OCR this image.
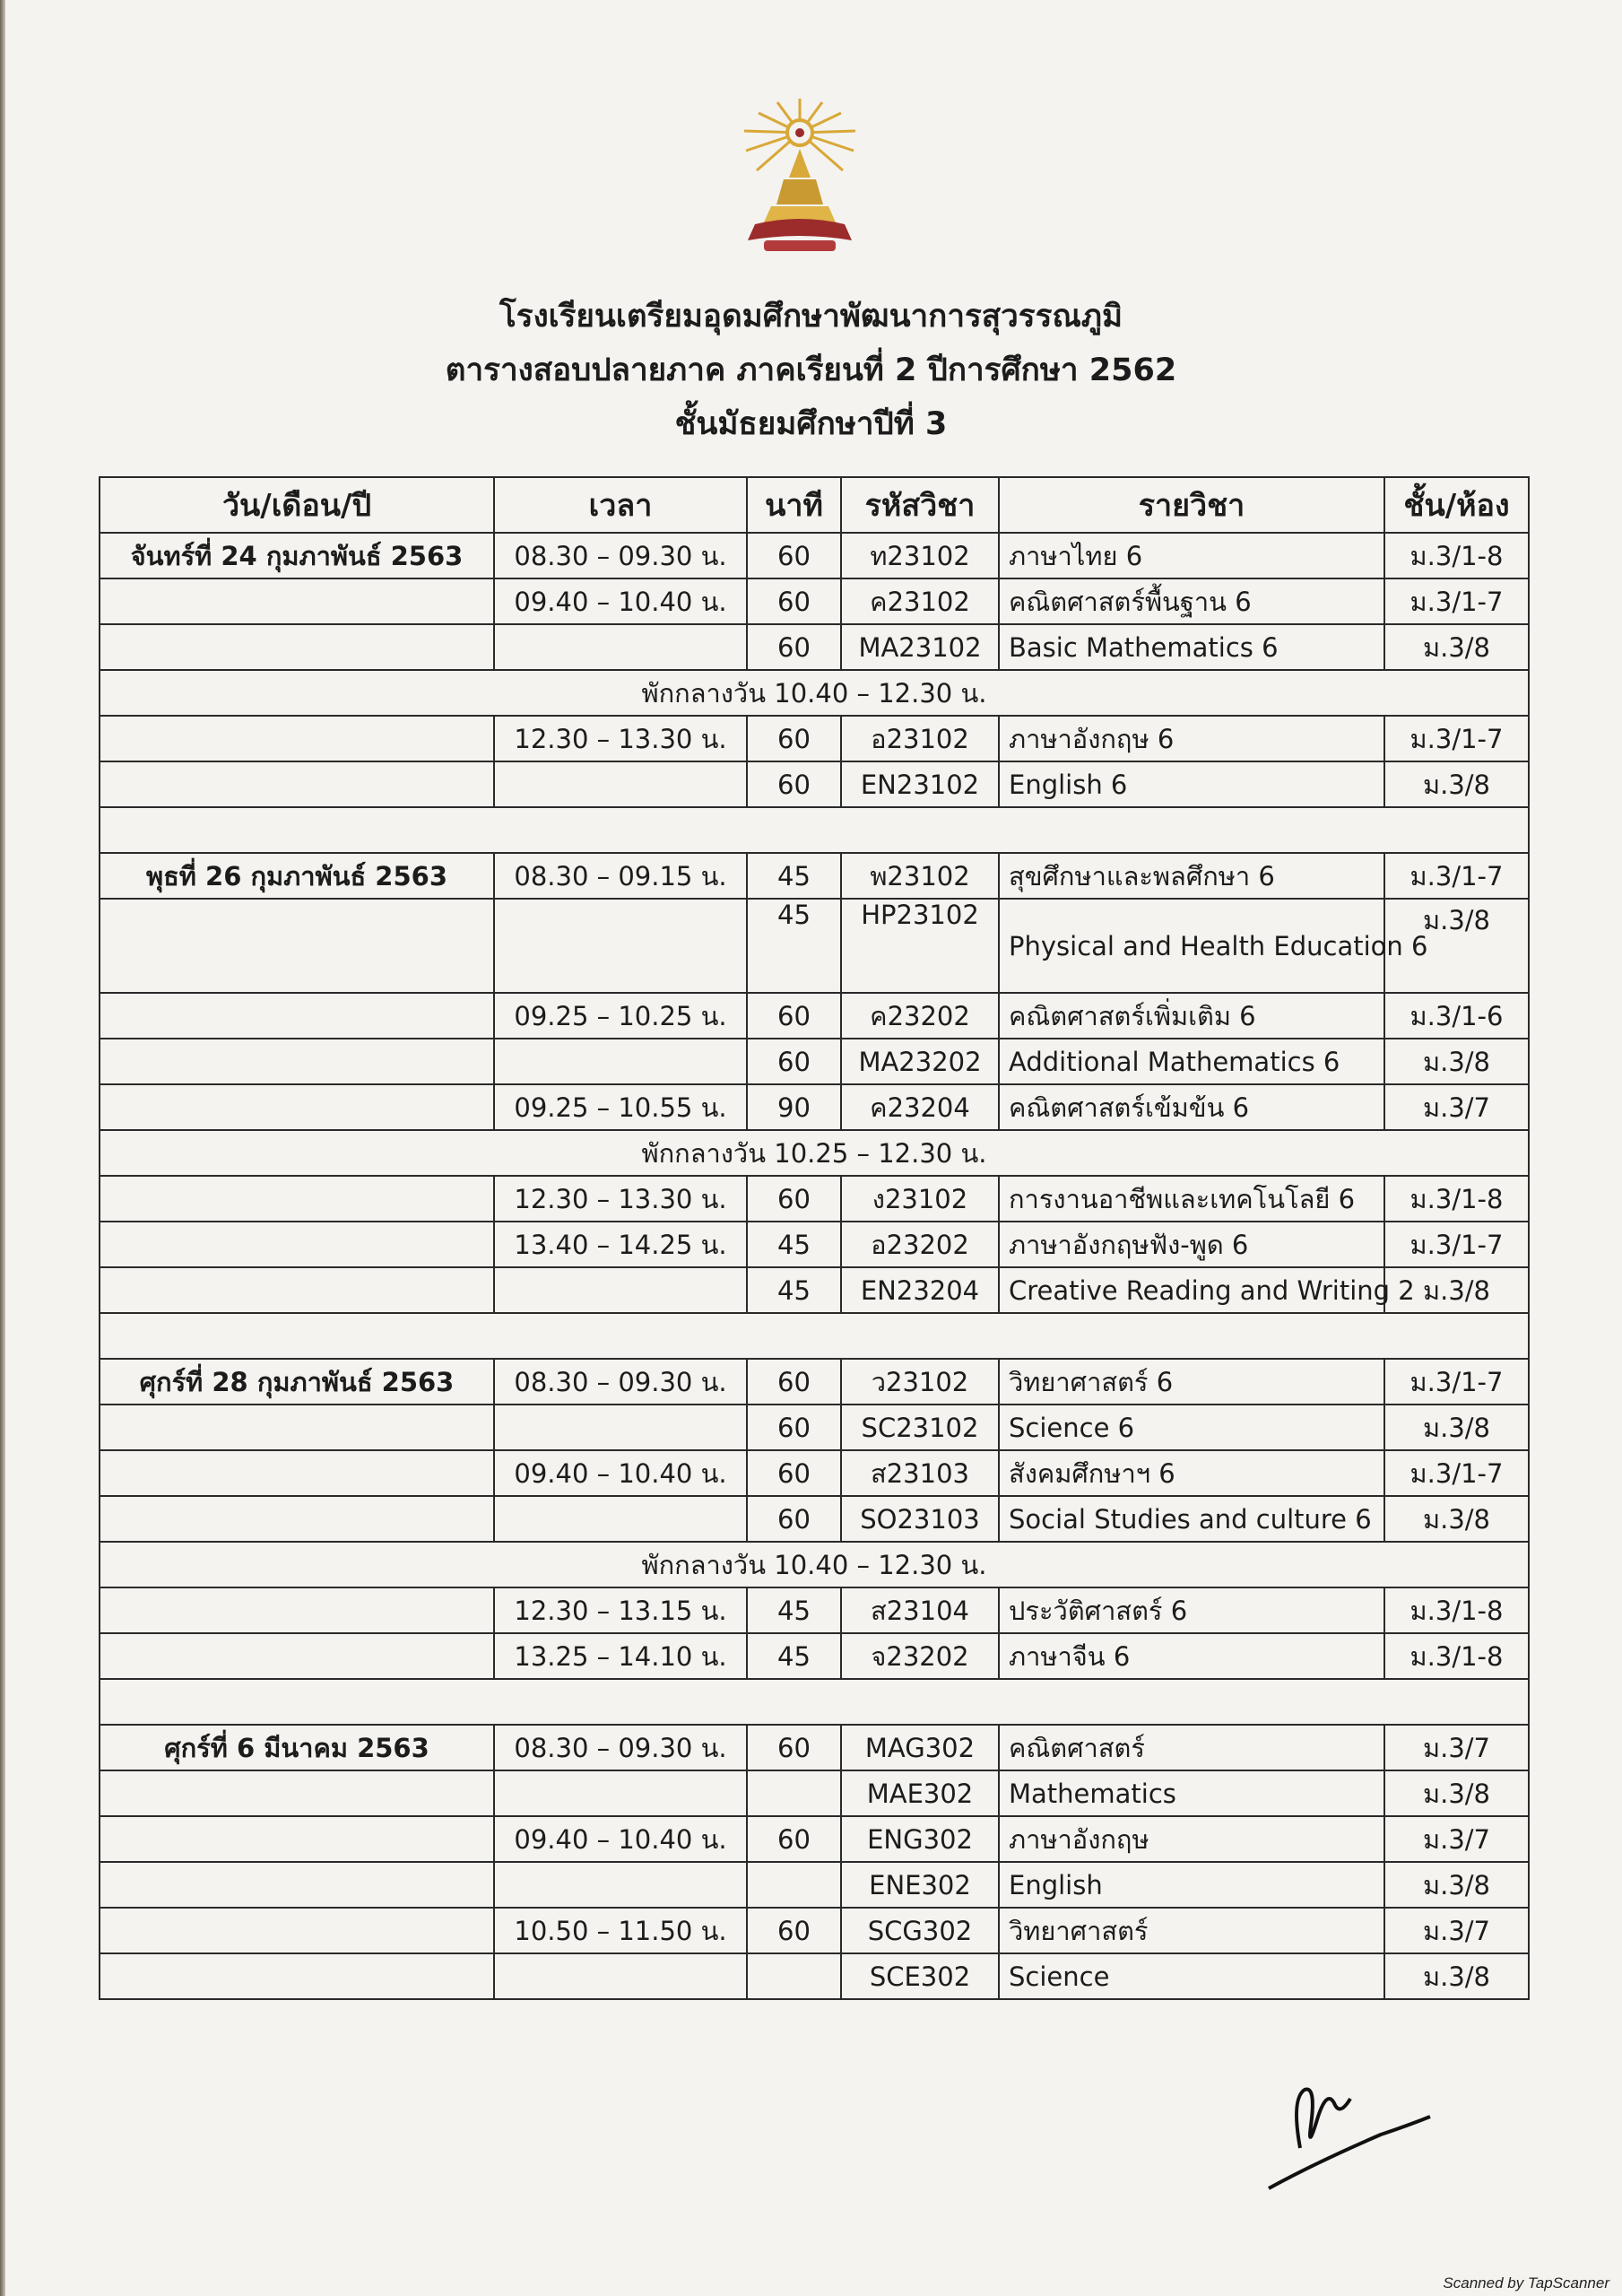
โรงเรียนเตรียมอุดมศึกษาพัฒนาการสุวรรณภูมิ
ตารางสอบปลายภาค ภาคเรียนที่ 2 ปีการศึกษา 2562
ชั้นมัธยมศึกษาปีที่ 3
วัน/เดือน/ปี	เวลา	นาที	รหัสวิชา	รายวิชา	ชั้น/ห้อง
จันทร์ที่ 24 กุมภาพันธ์ 2563	08.30 – 09.30 น.	60	ท23102	ภาษาไทย 6	ม.3/1-8
	09.40 – 10.40 น.	60	ค23102	คณิตศาสตร์พื้นฐาน 6	ม.3/1-7
		60	MA23102	Basic Mathematics 6	ม.3/8
พักกลางวัน 10.40 – 12.30 น.					
	12.30 – 13.30 น.	60	อ23102	ภาษาอังกฤษ 6	ม.3/1-7
		60	EN23102	English 6	ม.3/8

พุธที่ 26 กุมภาพันธ์ 2563	08.30 – 09.15 น.	45	พ23102	สุขศึกษาและพลศึกษา 6	ม.3/1-7
		45	HP23102	Physical and Health Education 6	ม.3/8
	09.25 – 10.25 น.	60	ค23202	คณิตศาสตร์เพิ่มเติม 6	ม.3/1-6
		60	MA23202	Additional Mathematics 6	ม.3/8
	09.25 – 10.55 น.	90	ค23204	คณิตศาสตร์เข้มข้น 6	ม.3/7
พักกลางวัน 10.25 – 12.30 น.					
	12.30 – 13.30 น.	60	ง23102	การงานอาชีพและเทคโนโลยี 6	ม.3/1-8
	13.40 – 14.25 น.	45	อ23202	ภาษาอังกฤษฟัง-พูด 6	ม.3/1-7
		45	EN23204	Creative Reading and Writing 2	ม.3/8

ศุกร์ที่ 28 กุมภาพันธ์ 2563	08.30 – 09.30 น.	60	ว23102	วิทยาศาสตร์ 6	ม.3/1-7
		60	SC23102	Science 6	ม.3/8
	09.40 – 10.40 น.	60	ส23103	สังคมศึกษาฯ 6	ม.3/1-7
		60	SO23103	Social Studies and culture 6	ม.3/8
พักกลางวัน 10.40 – 12.30 น.					
	12.30 – 13.15 น.	45	ส23104	ประวัติศาสตร์ 6	ม.3/1-8
	13.25 – 14.10 น.	45	จ23202	ภาษาจีน 6	ม.3/1-8

ศุกร์ที่ 6 มีนาคม 2563	08.30 – 09.30 น.	60	MAG302	คณิตศาสตร์	ม.3/7
			MAE302	Mathematics	ม.3/8
	09.40 – 10.40 น.	60	ENG302	ภาษาอังกฤษ	ม.3/7
			ENE302	English	ม.3/8
	10.50 – 11.50 น.	60	SCG302	วิทยาศาสตร์	ม.3/7
			SCE302	Science	ม.3/8
Scanned by TapScanner
